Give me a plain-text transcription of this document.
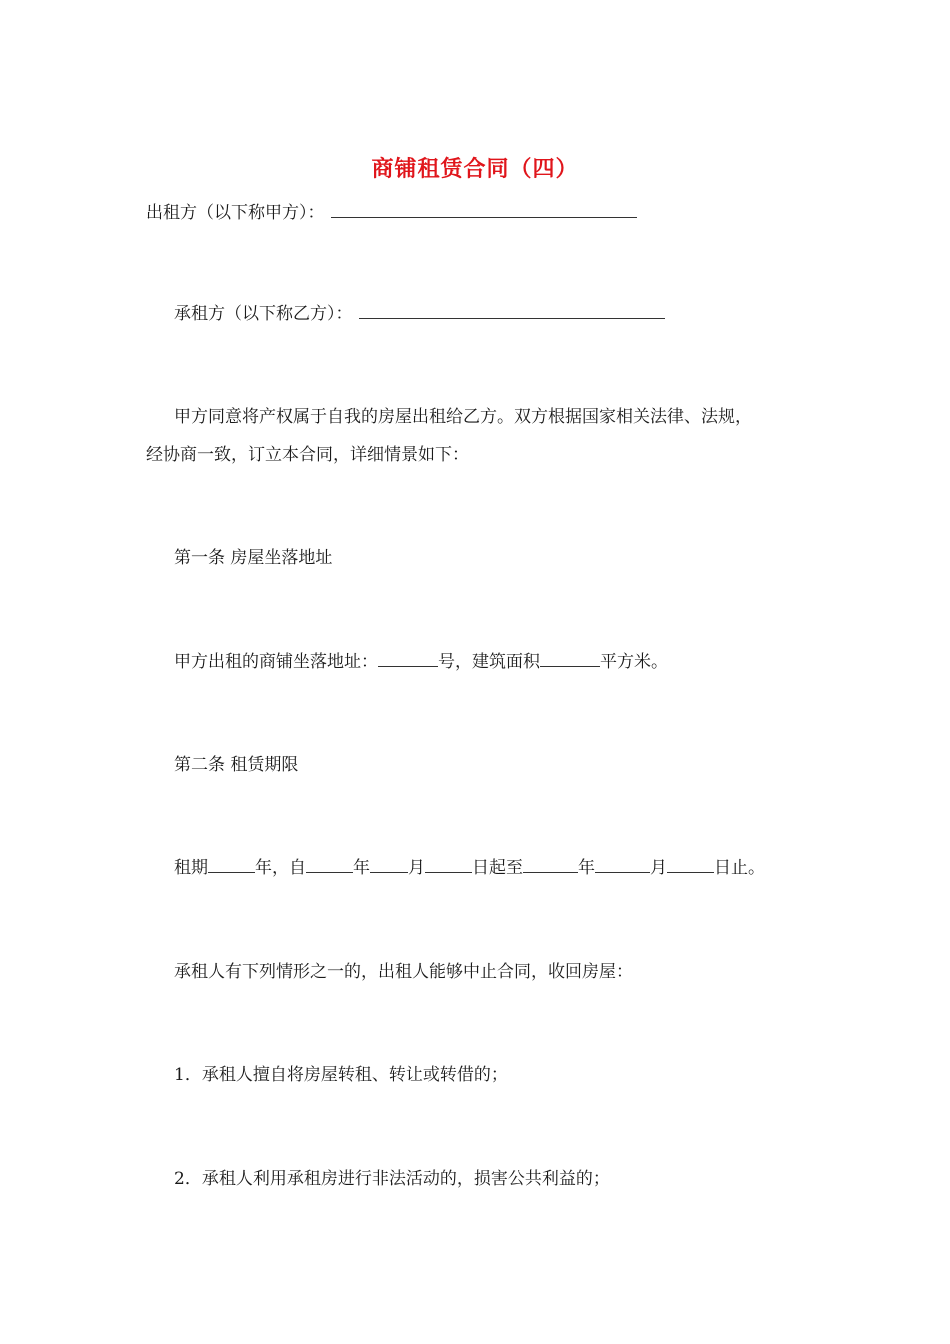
商铺租赁合同（四）
出租方（以下称甲方）：
承租方（以下称乙方）：
甲方同意将产权属于自我的房屋出租给乙方。双方根据国家相关法律、法规，
经协商一致，订立本合同，详细情景如下：
第一条 房屋坐落地址
甲方出租的商铺坐落地址：	号，建筑面积	平方米。
第二条 租赁期限
租期	年，自	年 月	日起至	年	月	日止。
承租人有下列情形之一的，出租人能够中止合同，收回房屋：
1．承租人擅自将房屋转租、转让或转借的；
2．承租人利用承租房进行非法活动的，损害公共利益的；
